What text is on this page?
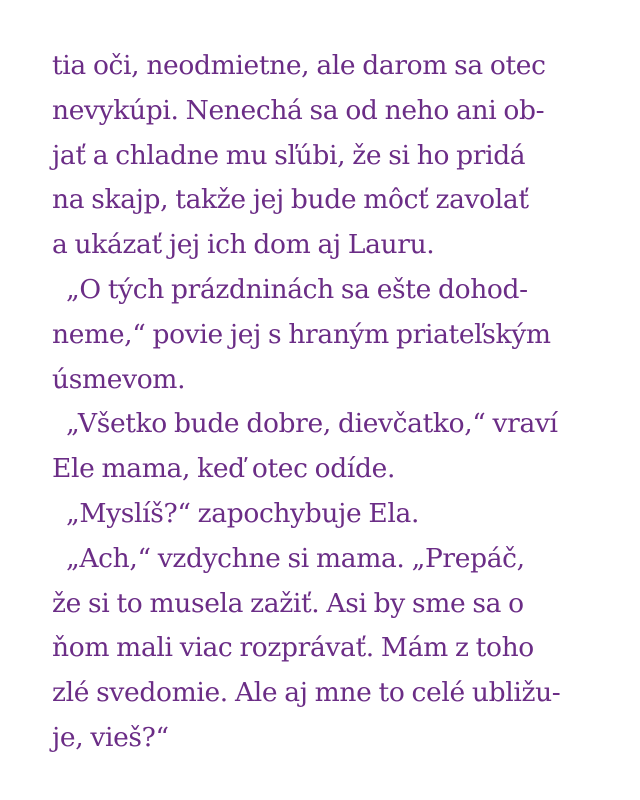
tia oči, neodmietne, ale darom sa otec
nevykúpi. Nenechá sa od neho ani ob-
jať a chladne mu sľúbi, že si ho pridá
na skajp, takže jej bude môcť zavolať
a ukázať jej ich dom aj Lauru.
„O tých prázdninách sa ešte dohod-
neme,“ povie jej s hraným priateľským
úsmevom.
„Všetko bude dobre, dievčatko,“ vraví
Ele mama, keď otec odíde.
„Myslíš?“ zapochybuje Ela.
„Ach,“ vzdychne si mama. „Prepáč,
že si to musela zažiť. Asi by sme sa o
ňom mali viac rozprávať. Mám z toho
zlé svedomie. Ale aj mne to celé ubližu-
je, vieš?“
